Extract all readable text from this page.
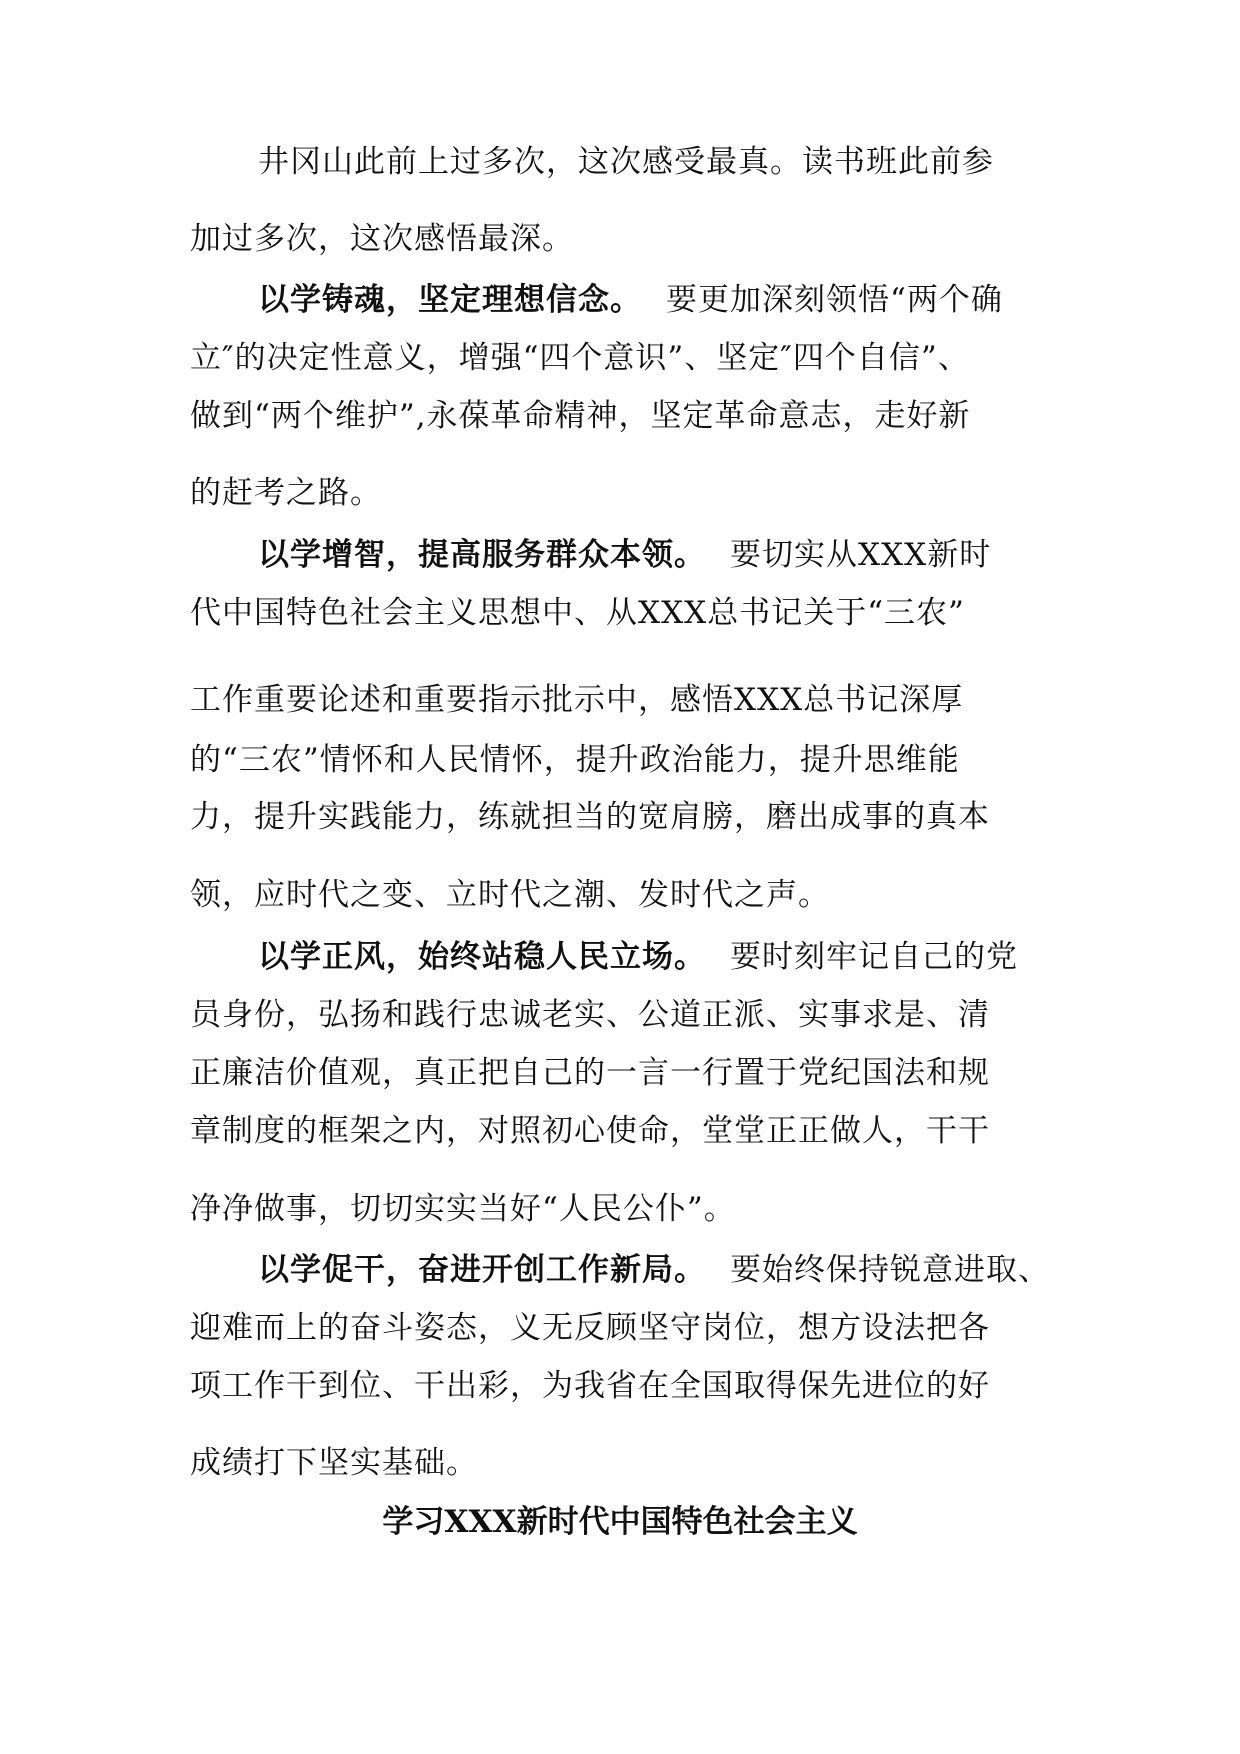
井冈山此前上过多次，这次感受最真。读书班此前参
加过多次，这次感悟最深。
以学铸魂，坚定理想信念。 要更加深刻领悟“两个确
立″的决定性意义，增强“四个意识”、坚定″四个自信”、
做到“两个维护”,永葆革命精神，坚定革命意志，走好新
的赶考之路。
以学增智，提高服务群众本领。 要切实从XXX新时
代中国特色社会主义思想中、从XXX总书记关于“三农”
工作重要论述和重要指示批示中，感悟XXX总书记深厚
的“三农”情怀和人民情怀，提升政治能力，提升思维能
力，提升实践能力，练就担当的宽肩膀，磨出成事的真本
领，应时代之变、立时代之潮、发时代之声。
以学正风，始终站稳人民立场。 要时刻牢记自己的党
员身份，弘扬和践行忠诚老实、公道正派、实事求是、清
正廉洁价值观，真正把自己的一言一行置于党纪国法和规
章制度的框架之内，对照初心使命，堂堂正正做人，干干
净净做事，切切实实当好“人民公仆”。
以学促干，奋进开创工作新局。 要始终保持锐意进取、
迎难而上的奋斗姿态，义无反顾坚守岗位，想方设法把各
项工作干到位、干出彩，为我省在全国取得保先进位的好
成绩打下坚实基础。
学习XXX新时代中国特色社会主义
